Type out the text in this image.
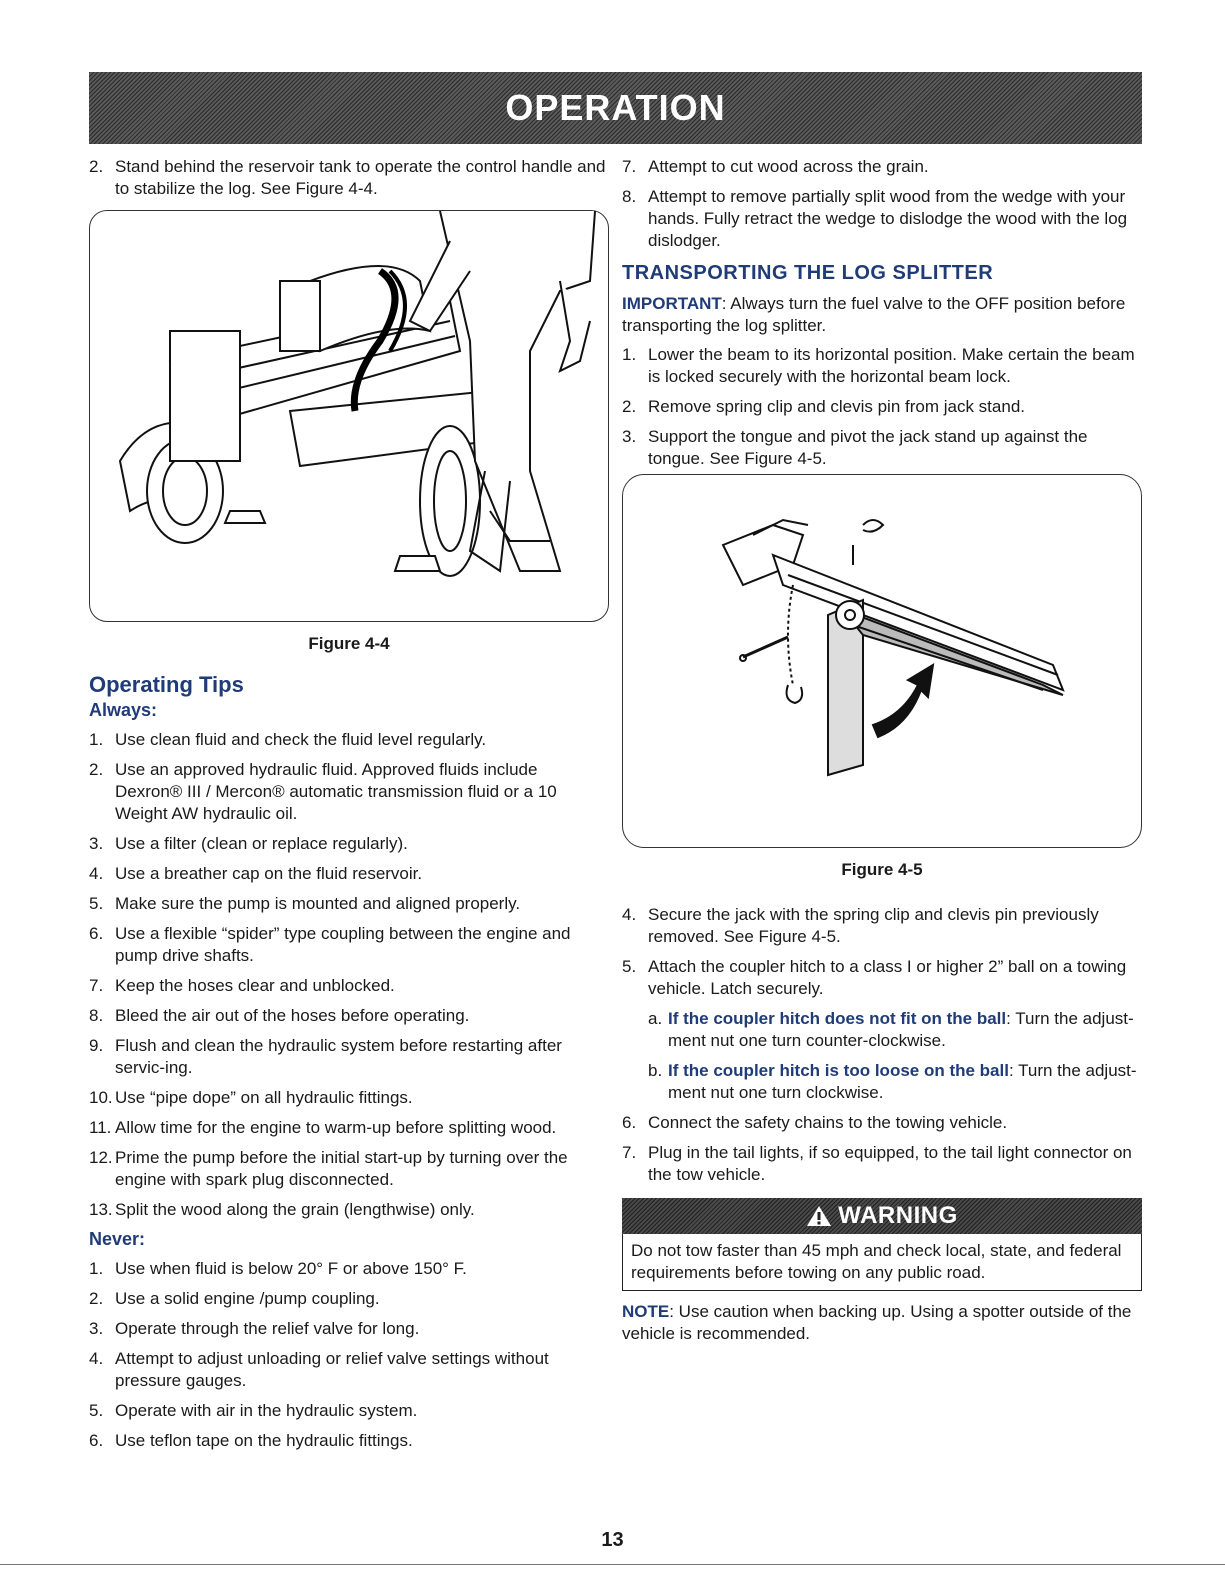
OPERATION
2. Stand behind the reservoir tank to operate the control handle and to stabilize the log. See Figure 4-4.
Figure 4-4
Operating Tips
Always:
1. Use clean fluid and check the fluid level regularly.
2. Use an approved hydraulic fluid. Approved fluids include Dexron® III / Mercon® automatic transmission fluid or a 10 Weight AW hydraulic oil.
3. Use a filter (clean or replace regularly).
4. Use a breather cap on the fluid reservoir.
5. Make sure the pump is mounted and aligned properly.
6. Use a flexible “spider” type coupling between the engine and pump drive shafts.
7. Keep the hoses clear and unblocked.
8. Bleed the air out of the hoses before operating.
9. Flush and clean the hydraulic system before restarting after servic-ing.
10. Use “pipe dope” on all hydraulic fittings.
11. Allow time for the engine to warm-up before splitting wood.
12. Prime the pump before the initial start-up by turning over the engine with spark plug disconnected.
13. Split the wood along the grain (lengthwise) only.
Never:
1. Use when fluid is below 20° F or above 150° F.
2. Use a solid engine /pump coupling.
3. Operate through the relief valve for long.
4. Attempt to adjust unloading or relief valve settings without pressure gauges.
5. Operate with air in the hydraulic system.
6. Use teflon tape on the hydraulic fittings.
7. Attempt to cut wood across the grain.
8. Attempt to remove partially split wood from the wedge with your hands. Fully retract the wedge to dislodge the wood with the log dislodger.
TRANSPORTING THE LOG SPLITTER

IMPORTANT: Always turn the fuel valve to the OFF position before transporting the log splitter.

1. Lower the beam to its horizontal position. Make certain the beam is locked securely with the horizontal beam lock.
2. Remove spring clip and clevis pin from jack stand.
3. Support the tongue and pivot the jack stand up against the tongue. See Figure 4-5.
Figure 4-5
4. Secure the jack with the spring clip and clevis pin previously removed. See Figure 4-5.
5. Attach the coupler hitch to a class I or higher 2” ball on a towing vehicle. Latch securely.
a. If the coupler hitch does not fit on the ball: Turn the adjust-ment nut one turn counter-clockwise.
b. If the coupler hitch is too loose on the ball: Turn the adjust-ment nut one turn clockwise.
6. Connect the safety chains to the towing vehicle.
7. Plug in the tail lights, if so equipped, to the tail light connector on the tow vehicle.
WARNING
Do not tow faster than 45 mph and check local, state, and federal requirements before towing on any public road.

NOTE: Use caution when backing up. Using a spotter outside of the vehicle is recommended.

13
